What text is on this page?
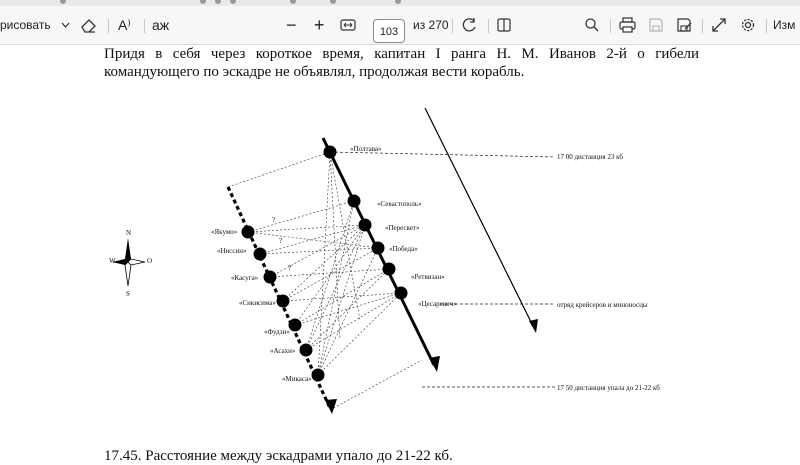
рисовать	A⁾ aж	− +	103	из 270	Изм
Придя в себя через короткое время, капитан I ранга Н. М. Иванов 2-й о гибели
командующего по эскадре не объявлял, продолжая вести корабль.
«Полтава»
«Севастополь»
«Пересвет»
«Победа»
«Ретвизан»
«Цесаревич»
«Якумо»
«Ниссин»
«Касуга»
«Сикисима»
«Фудзи»
«Асахи»
«Микаса»
?
?
?
17 00 дистанция 23 кб
отряд крейсеров и миноносцы
17 50 дистанция упала до 21-22 кб
N
S
W	O
17.45. Расстояние между эскадрами упало до 21-22 кб.
